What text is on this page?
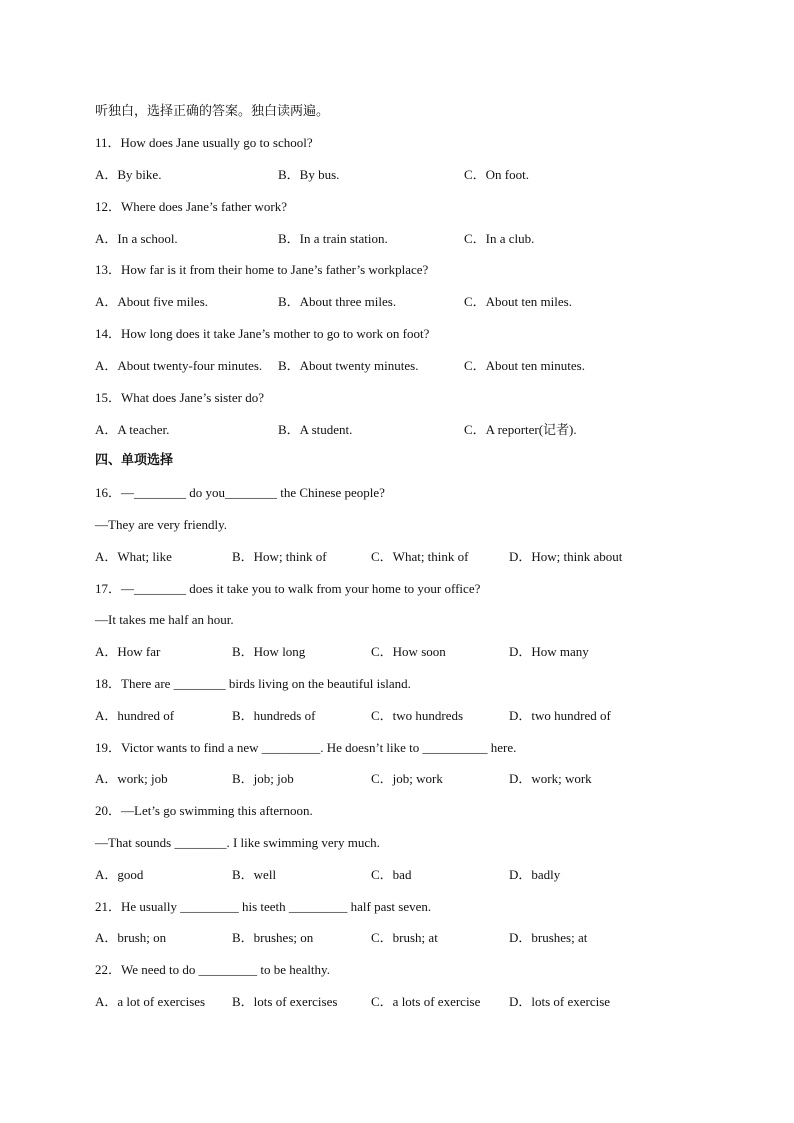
听独白，选择正确的答案。独白读两遍。
11．How does Jane usually go to school?
A．By bike.	B．By bus.	C．On foot.
12．Where does Jane’s father work?
A．In a school.	B．In a train station.	C．In a club.
13．How far is it from their home to Jane’s father’s workplace?
A．About five miles.	B．About three miles.	C．About ten miles.
14．How long does it take Jane’s mother to go to work on foot?
A．About twenty-four minutes. B．About twenty minutes.	C．About ten minutes.
15．What does Jane’s sister do?
A．A teacher.	B．A student.	C．A reporter(记者).
四、单项选择
16．—________ do you________ the Chinese people?
—They are very friendly.
A．What; like	B．How; think of	C．What; think of	D．How; think about
17．—________ does it take you to walk from your home to your office?
—It takes me half an hour.
A．How far	B．How long	C．How soon	D．How many
18．There are ________ birds living on the beautiful island.
A．hundred of	B．hundreds of	C．two hundreds	D．two hundred of
19．Victor wants to find a new _________. He doesn’t like to __________ here.
A．work; job	B．job; job	C．job; work	D．work; work
20．—Let’s go swimming this afternoon.
—That sounds ________. I like swimming very much.
A．good	B．well	C．bad	D．badly
21．He usually _________ his teeth _________ half past seven.
A．brush; on	B．brushes; on	C．brush; at	D．brushes; at
22．We need to do _________ to be healthy.
A．a lot of exercises B．lots of exercises	C．a lots of exercise D．lots of exercise
